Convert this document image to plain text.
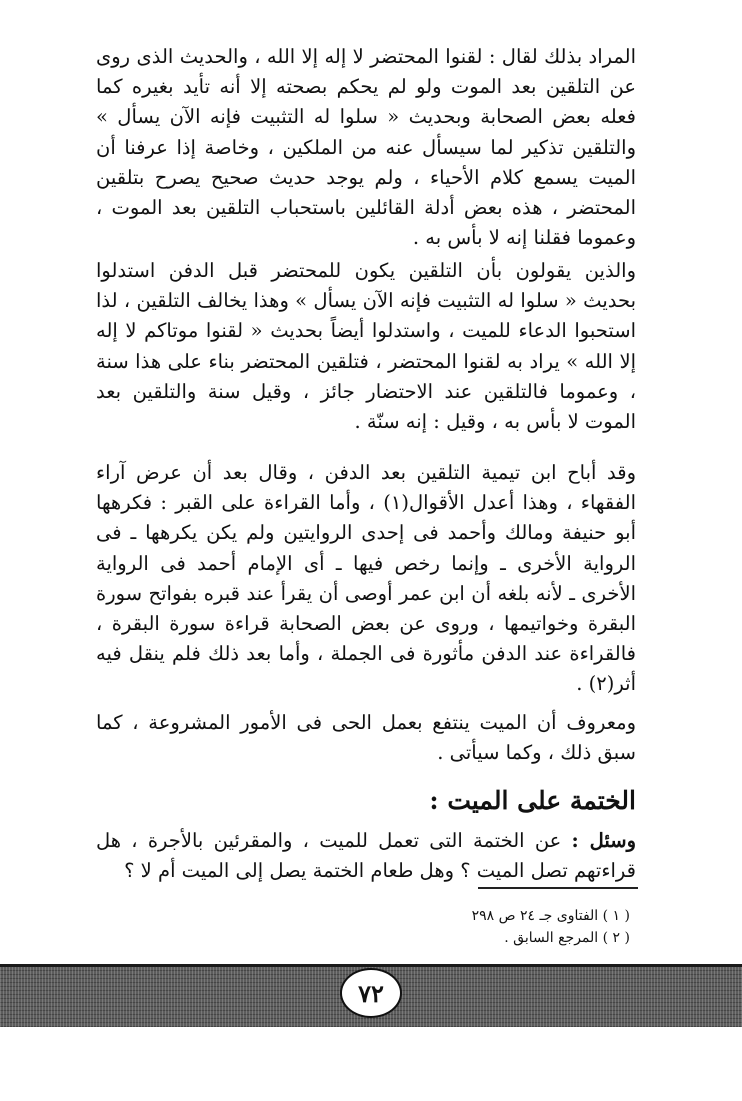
المراد بذلك لقال : لقنوا المحتضر لا إله إلا الله ، والحديث الذى روى عن التلقين بعد الموت ولو لم يحكم بصحته إلا أنه تأيد بغيره كما فعله بعض الصحابة وبحديث « سلوا له التثبيت فإنه الآن يسأل » والتلقين تذكير لما سيسأل عنه من الملكين ، وخاصة إذا عرفنا أن الميت يسمع كلام الأحياء ، ولم يوجد حديث صحيح يصرح بتلقين المحتضر ، هذه بعض أدلة القائلين باستحباب التلقين بعد الموت ، وعموما فقلنا إنه لا بأس به .

والذين يقولون بأن التلقين يكون للمحتضر قبل الدفن استدلوا بحديث « سلوا له التثبيت فإنه الآن يسأل » وهذا يخالف التلقين ، لذا استحبوا الدعاء للميت ، واستدلوا أيضاً بحديث « لقنوا موتاكم لا إله إلا الله » يراد به لقنوا المحتضر ، فتلقين المحتضر بناء على هذا سنة ، وعموما فالتلقين عند الاحتضار جائز ، وقيل سنة والتلقين بعد الموت لا بأس به ، وقيل : إنه سنّة .

وقد أباح ابن تيمية التلقين بعد الدفن ، وقال بعد أن عرض آراء الفقهاء ، وهذا أعدل الأقوال(١) ، وأما القراءة على القبر : فكرهها أبو حنيفة ومالك وأحمد فى إحدى الروايتين ولم يكن يكرهها ـ فى الرواية الأخرى ـ وإنما رخص فيها ـ أى الإمام أحمد فى الرواية الأخرى ـ لأنه بلغه أن ابن عمر أوصى أن يقرأ عند قبره بفواتح سورة البقرة وخواتيمها ، وروى عن بعض الصحابة قراءة سورة البقرة ، فالقراءة عند الدفن مأثورة فى الجملة ، وأما بعد ذلك فلم ينقل فيه أثر(٢) .

ومعروف أن الميت ينتفع بعمل الحى فى الأمور المشروعة ، كما سبق ذلك ، وكما سيأتى .

الختمة على الميت :

وسئل : عن الختمة التى تعمل للميت ، والمقرئين بالأجرة ، هل قراءتهم تصل الميت ؟ وهل طعام الختمة يصل إلى الميت أم لا ؟

( ١ ) الفتاوى جـ ٢٤ ص ٢٩٨
( ٢ ) المرجع السابق .
٧٢
